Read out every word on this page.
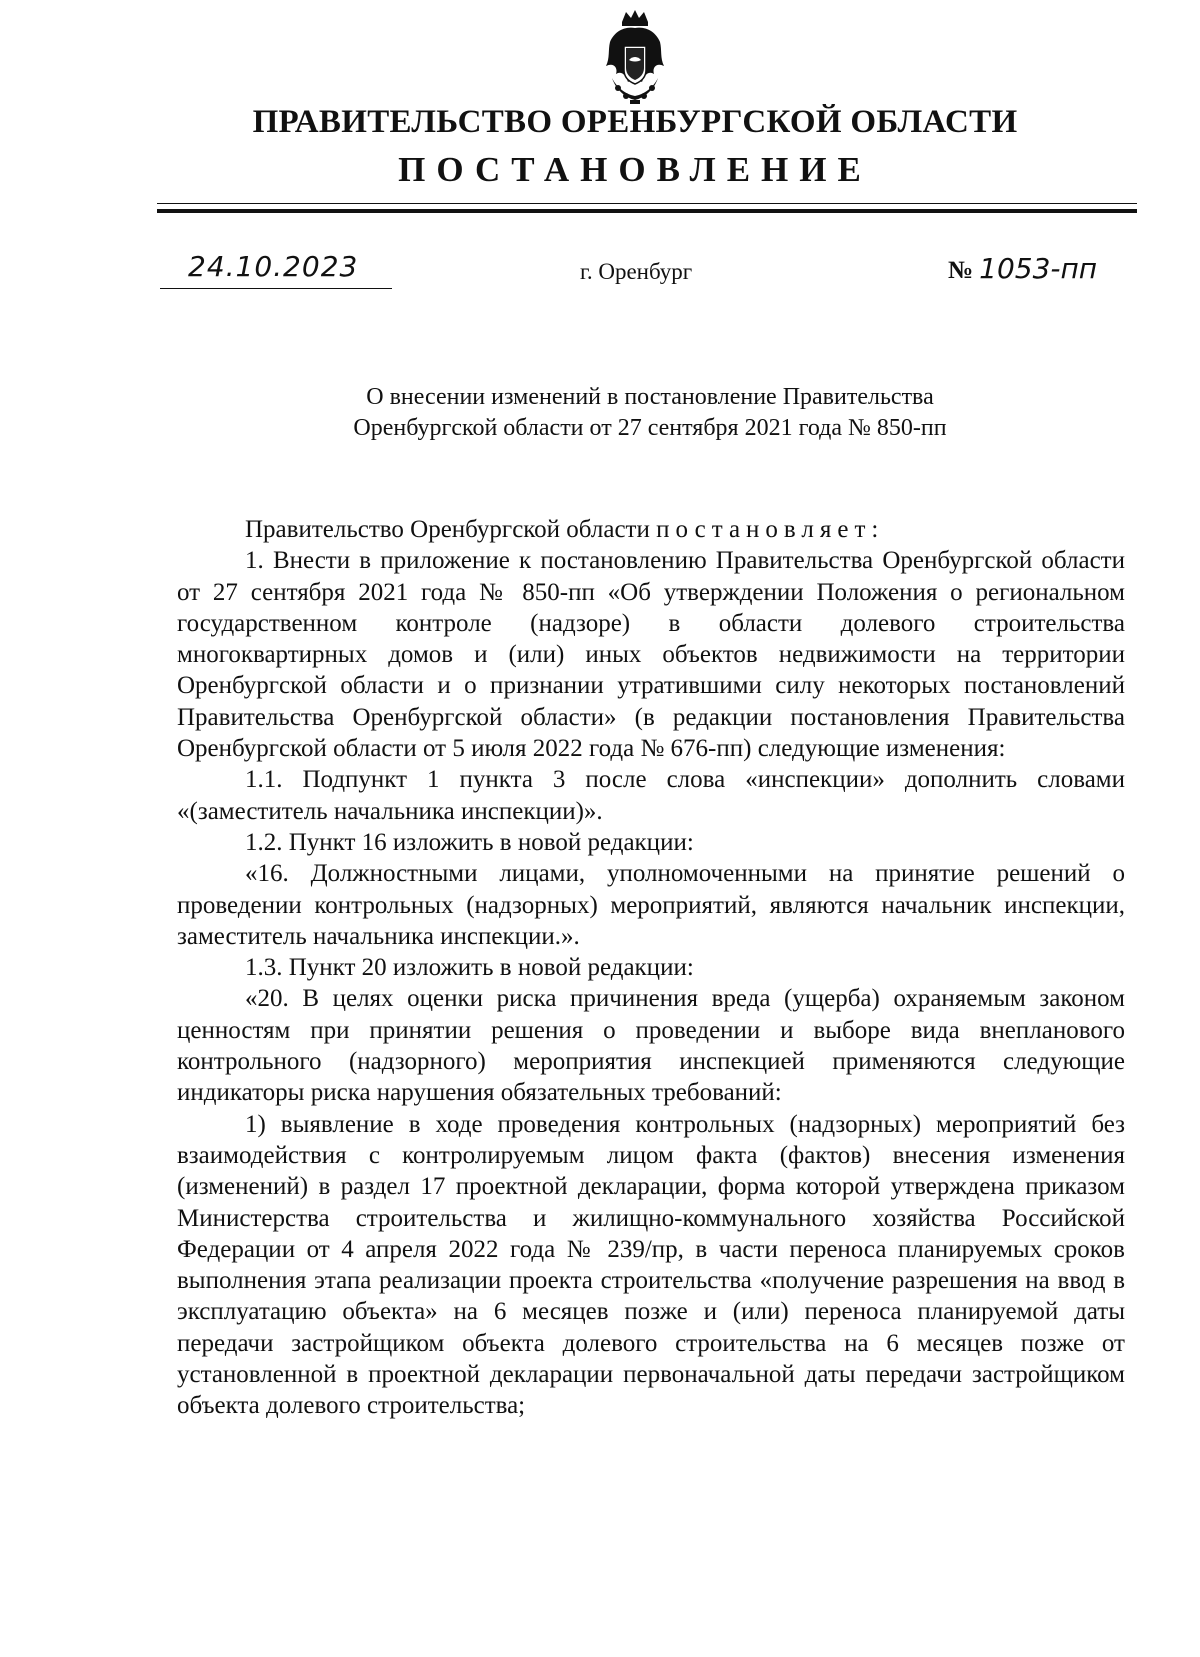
ПРАВИТЕЛЬСТВО ОРЕНБУРГСКОЙ ОБЛАСТИ
ПОСТАНОВЛЕНИЕ
24.10.2023	г. Оренбург	№ 1053-пп
О внесении изменений в постановление Правительства
Оренбургской области от 27 сентября 2021 года № 850-пп

Правительство Оренбургской области постановляет:

1. Внести в приложение к постановлению Правительства Оренбургской области от 27 сентября 2021 года № 850-пп «Об утверждении Положения о региональном государственном контроле (надзоре) в области долевого строительства многоквартирных домов и (или) иных объектов недвижимости на территории Оренбургской области и о признании утратившими силу некоторых постановлений Правительства Оренбургской области» (в редакции постановления Правительства Оренбургской области от 5 июля 2022 года № 676-пп) следующие изменения:

1.1. Подпункт 1 пункта 3 после слова «инспекции» дополнить словами «(заместитель начальника инспекции)».

1.2. Пункт 16 изложить в новой редакции:

«16. Должностными лицами, уполномоченными на принятие решений о проведении контрольных (надзорных) мероприятий, являются начальник инспекции, заместитель начальника инспекции.».

1.3. Пункт 20 изложить в новой редакции:

«20. В целях оценки риска причинения вреда (ущерба) охраняемым законом ценностям при принятии решения о проведении и выборе вида внепланового контрольного (надзорного) мероприятия инспекцией применяются следующие индикаторы риска нарушения обязательных требований:

1) выявление в ходе проведения контрольных (надзорных) мероприятий без взаимодействия с контролируемым лицом факта (фактов) внесения изменения (изменений) в раздел 17 проектной декларации, форма которой утверждена приказом Министерства строительства и жилищно-коммунального хозяйства Российской Федерации от 4 апреля 2022 года № 239/пр, в части переноса планируемых сроков выполнения этапа реализации проекта строительства «получение разрешения на ввод в эксплуатацию объекта» на 6 месяцев позже и (или) переноса планируемой даты передачи застройщиком объекта долевого строительства на 6 месяцев позже от установленной в проектной декларации первоначальной даты передачи застройщиком объекта долевого строительства;
